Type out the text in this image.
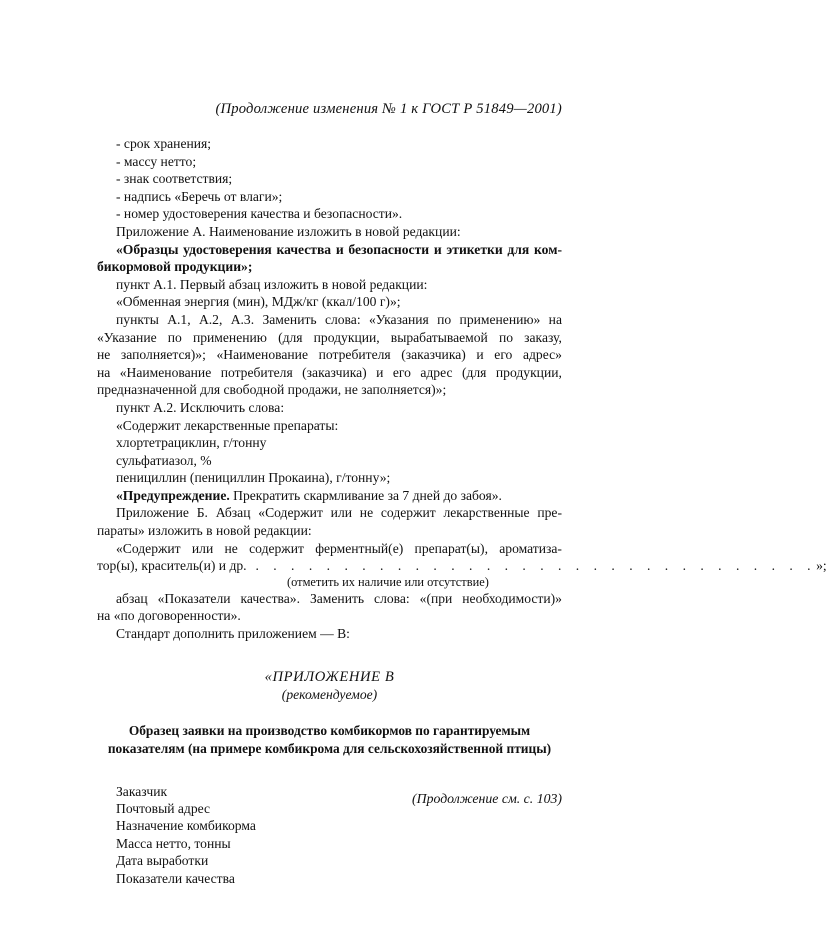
(Продолжение изменения № 1 к ГОСТ Р 51849—2001)
- срок хранения;
- массу нетто;
- знак соответствия;
- надпись «Беречь от влаги»;
- номер удостоверения качества и безопасности».
Приложение А. Наименование изложить в новой редакции:
«Образцы удостоверения качества и безопасности и этикетки для ком-
бикормовой продукции»;
пункт А.1. Первый абзац изложить в новой редакции:
«Обменная энергия (мин), МДж/кг (ккал/100 г)»;
пункты А.1, А.2, А.3. Заменить слова: «Указания по применению» на
«Указание по применению (для продукции, вырабатываемой по заказу,
не заполняется)»; «Наименование потребителя (заказчика) и его адрес»
на «Наименование потребителя (заказчика) и его адрес (для продукции,
предназначенной для свободной продажи, не заполняется)»;
пункт А.2. Исключить слова:
«Содержит лекарственные препараты:
хлортетрациклин, г/тонну
сульфатиазол, %
пенициллин (пенициллин Прокаина), г/тонну»;
«Предупреждение. Прекратить скармливание за 7 дней до забоя».
Приложение Б. Абзац «Содержит или не содержит лекарственные пре-
параты» изложить в новой редакции:
«Содержит или не содержит ферментный(е) препарат(ы), ароматиза-
тор(ы), краситель(и) и др. . . . . . . . . . . . . . . . . . . . . . . . . . . . . . . . .»;
(отметить их наличие или отсутствие)
абзац «Показатели качества». Заменить слова: «(при необходимости)»
на «по договоренности».
Стандарт дополнить приложением — В:
«ПРИЛОЖЕНИЕ В
(рекомендуемое)
Образец заявки на производство комбикормов по гарантируемым
показателям (на примере комбикрома для сельскохозяйственной птицы)
Заказчик
Почтовый адрес
Назначение комбикорма
Масса нетто, тонны
Дата выработки
Показатели качества
(Продолжение см. с. 103)
